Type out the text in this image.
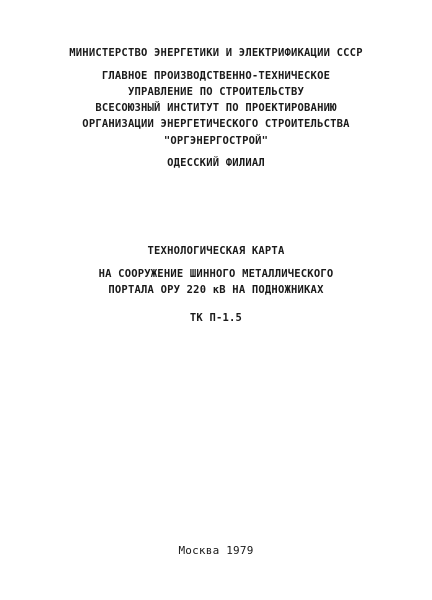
МИНИСТЕРСТВО ЭНЕРГЕТИКИ И ЭЛЕКТРИФИКАЦИИ СССР
ГЛАВНОЕ ПРОИЗВОДСТВЕННО-ТЕХНИЧЕСКОЕ
УПРАВЛЕНИЕ ПО СТРОИТЕЛЬСТВУ
ВСЕСОЮЗНЫЙ ИНСТИТУТ ПО ПРОЕКТИРОВАНИЮ
ОРГАНИЗАЦИИ ЭНЕРГЕТИЧЕСКОГО СТРОИТЕЛЬСТВА
"ОРГЭНЕРГОСТРОЙ"
ОДЕССКИЙ ФИЛИАЛ
ТЕХНОЛОГИЧЕСКАЯ КАРТА
НА СООРУЖЕНИЕ ШИННОГО МЕТАЛЛИЧЕСКОГО
ПОРТАЛА ОРУ 220 кВ НА ПОДНОЖНИКАХ
ТК П-1.5
Москва 1979
